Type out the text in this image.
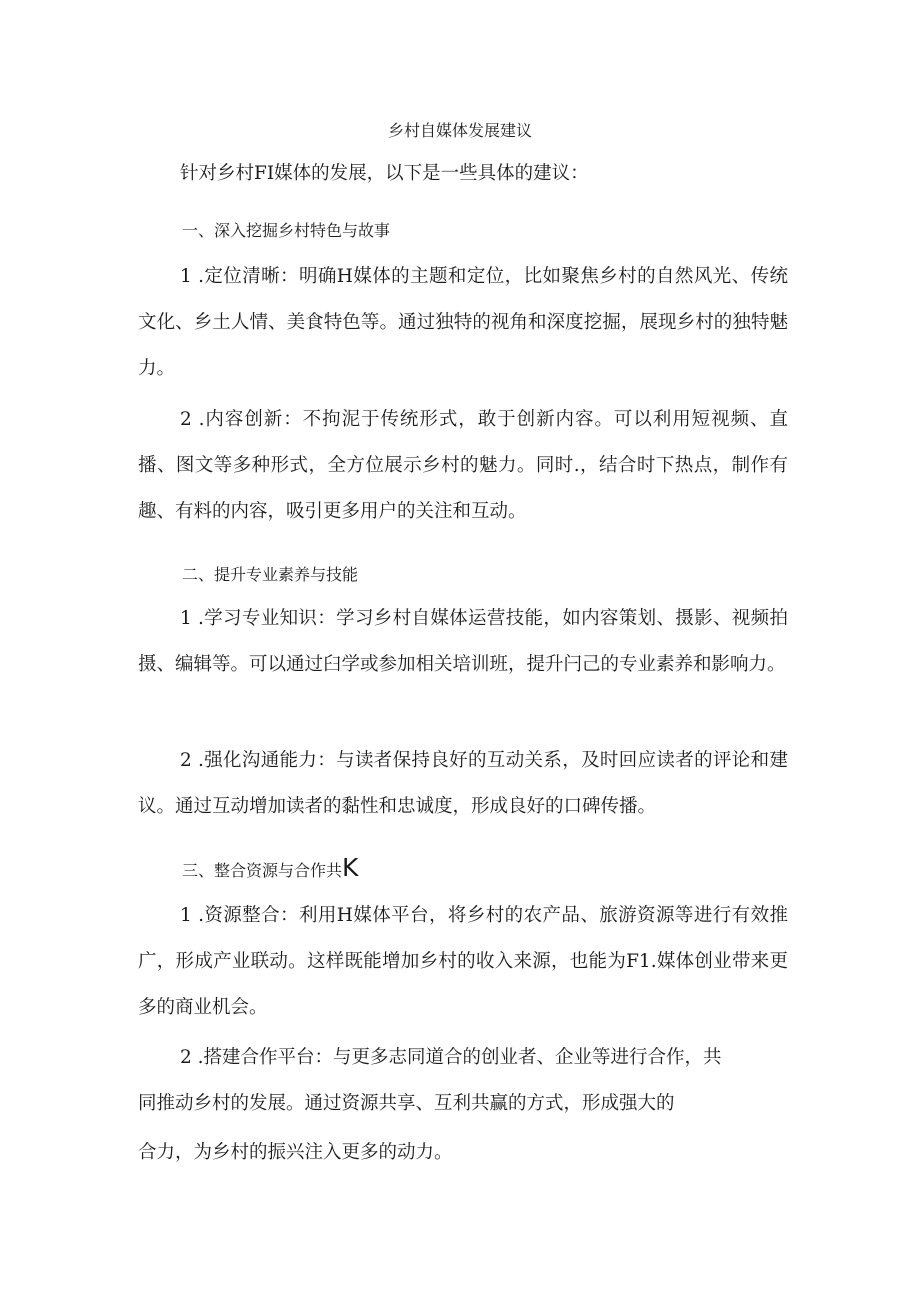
乡村自媒体发展建议

针对乡村FI媒体的发展，以下是一些具体的建议：

一、深入挖掘乡村特色与故事

1 .定位清晰：明确H媒体的主题和定位，比如聚焦乡村的自然风光、传统文化、乡土人情、美食特色等。通过独特的视角和深度挖掘，展现乡村的独特魅力。

2 .内容创新：不拘泥于传统形式，敢于创新内容。可以利用短视频、直播、图文等多种形式，全方位展示乡村的魅力。同时.，结合时下热点，制作有趣、有料的内容，吸引更多用户的关注和互动。

二、提升专业素养与技能

1 .学习专业知识：学习乡村自媒体运营技能，如内容策划、摄影、视频拍摄、编辑等。可以通过臼学或参加相关培训班，提升闩己的专业素养和影响力。

2 .强化沟通能力：与读者保持良好的互动关系，及时回应读者的评论和建议。通过互动增加读者的黏性和忠诚度，形成良好的口碑传播。

三、整合资源与合作共K

1 .资源整合：利用H媒体平台，将乡村的农产品、旅游资源等进行有效推广，形成产业联动。这样既能增加乡村的收入来源，也能为F1.媒体创业带来更多的商业机会。

2 .搭建合作平台：与更多志同道合的创业者、企业等进行合作，共同推动乡村的发展。通过资源共享、互利共赢的方式，形成强大的

合力，为乡村的振兴注入更多的动力。
